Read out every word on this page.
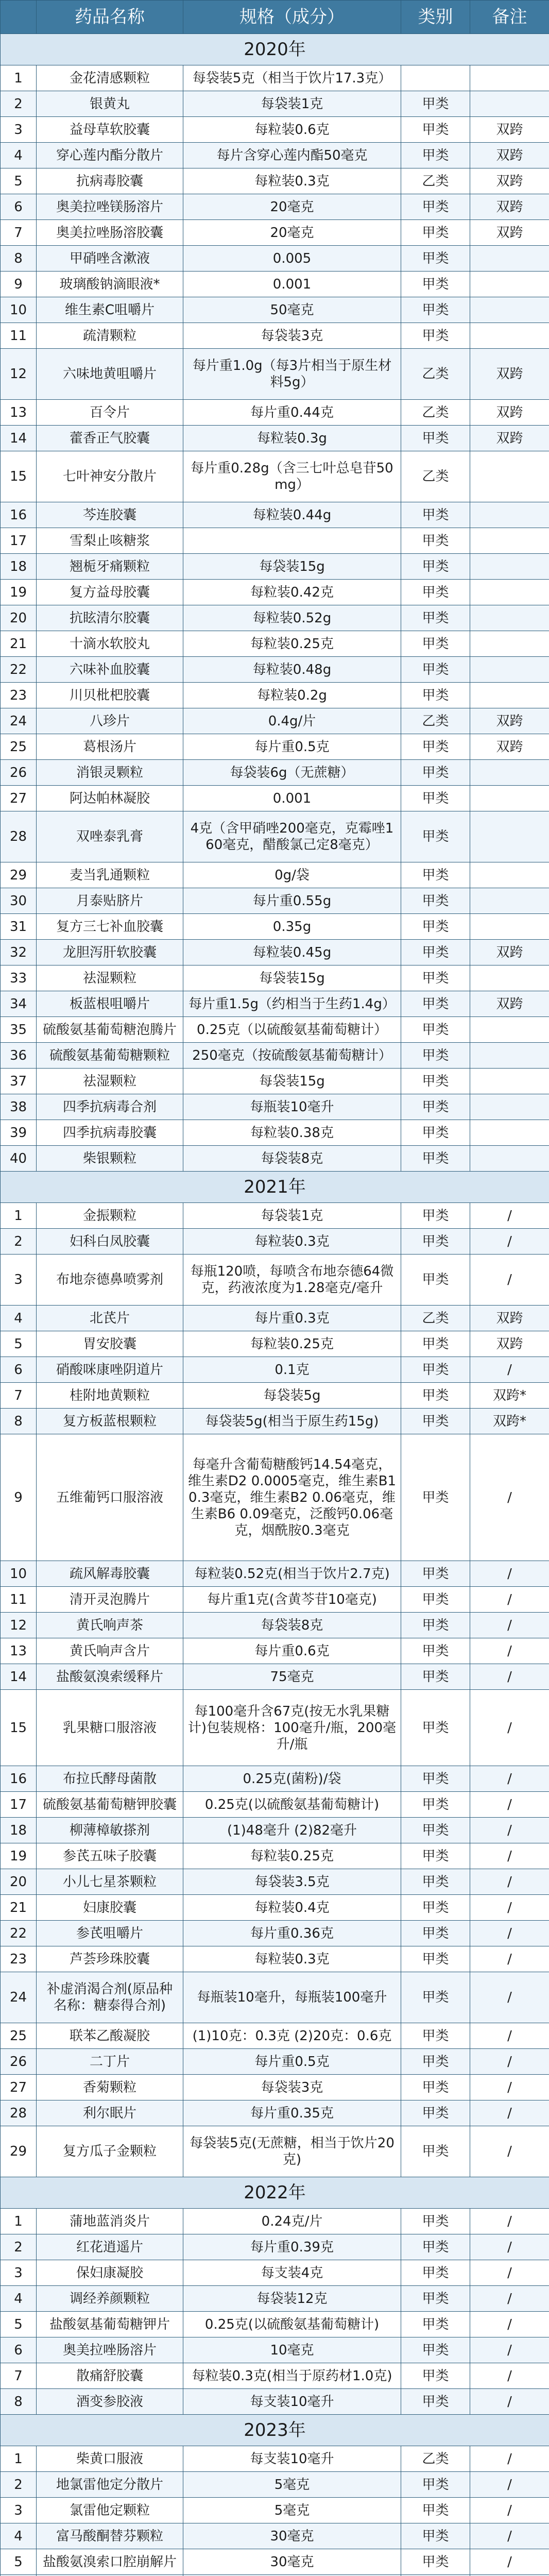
	药品名称	规格（成分）	类别	备注
2020年				
1	金花清感颗粒	每袋装5克（相当于饮片17.3克）		
2	银黄丸	每袋装1克	甲类	
3	益母草软胶囊	每粒装0.6克	甲类	双跨
4	穿心莲内酯分散片	每片含穿心莲内酯50毫克	甲类	双跨
5	抗病毒胶囊	每粒装0.3克	乙类	双跨
6	奥美拉唑镁肠溶片	20毫克	甲类	双跨
7	奥美拉唑肠溶胶囊	20毫克	甲类	双跨
8	甲硝唑含漱液	0.005	甲类	
9	玻璃酸钠滴眼液*	0.001	甲类	
10	维生素C咀嚼片	50毫克	甲类	
11	疏清颗粒	每袋装3克	甲类	
12	六味地黄咀嚼片	每片重1.0g（每3片相当于原生材料5g）	乙类	双跨
13	百令片	每片重0.44克	乙类	双跨
14	藿香正气胶囊	每粒装0.3g	甲类	双跨
15	七叶神安分散片	每片重0.28g（含三七叶总皂苷50mg）	乙类	
16	芩连胶囊	每粒装0.44g	甲类	
17	雪梨止咳糖浆		甲类	
18	翘栀牙痛颗粒	每袋装15g	甲类	
19	复方益母胶囊	每粒装0.42克	甲类	
20	抗眩清尔胶囊	每粒装0.52g	甲类	
21	十滴水软胶丸	每粒装0.25克	甲类	
22	六味补血胶囊	每粒装0.48g	甲类	
23	川贝枇杷胶囊	每粒装0.2g	甲类	
24	八珍片	0.4g/片	乙类	双跨
25	葛根汤片	每片重0.5克	甲类	双跨
26	消银灵颗粒	每袋装6g（无蔗糖）	甲类	
27	阿达帕林凝胶	0.001	甲类	
28	双唑泰乳膏	4克（含甲硝唑200毫克，克霉唑160毫克，醋酸氯己定8毫克）	甲类	
29	麦当乳通颗粒	0g/袋	甲类	
30	月泰贴脐片	每片重0.55g	甲类	
31	复方三七补血胶囊	0.35g	甲类	
32	龙胆泻肝软胶囊	每粒装0.45g	甲类	双跨
33	祛湿颗粒	每袋装15g	甲类	
34	板蓝根咀嚼片	每片重1.5g（约相当于生药1.4g）	甲类	双跨
35	硫酸氨基葡萄糖泡腾片	0.25克（以硫酸氨基葡萄糖计）	甲类	
36	硫酸氨基葡萄糖颗粒	250毫克（按硫酸氨基葡萄糖计）	甲类	
37	祛湿颗粒	每袋装15g	甲类	
38	四季抗病毒合剂	每瓶装10毫升	甲类	
39	四季抗病毒胶囊	每粒装0.38克	甲类	
40	柴银颗粒	每袋装8克	甲类	
2021年				
1	金振颗粒	每袋装1克	甲类	/
2	妇科白凤胶囊	每粒装0.3克	甲类	/
3	布地奈德鼻喷雾剂	每瓶120喷，每喷含布地奈德64微克，药液浓度为1.28毫克/毫升	甲类	/
4	北芪片	每片重0.3克	乙类	双跨
5	胃安胶囊	每粒装0.25克	甲类	双跨
6	硝酸咪康唑阴道片	0.1克	甲类	/
7	桂附地黄颗粒	每袋装5g	甲类	双跨*
8	复方板蓝根颗粒	每袋装5g(相当于原生药15g)	甲类	双跨*
9	五维葡钙口服溶液	每毫升含葡萄糖酸钙14.54毫克，维生素D2 0.0005毫克，维生素B1 0.3毫克，维生素B2 0.06毫克，维生素B6 0.09毫克，泛酸钙0.06毫克，烟酰胺0.3毫克	甲类	/
10	疏风解毒胶囊	每粒装0.52克(相当于饮片2.7克)	甲类	/
11	清开灵泡腾片	每片重1克(含黄芩苷10毫克)	甲类	/
12	黄氏响声茶	每袋装8克	甲类	/
13	黄氏响声含片	每片重0.6克	甲类	/
14	盐酸氨溴索缓释片	75毫克	甲类	/
15	乳果糖口服溶液	每100毫升含67克(按无水乳果糖计)包装规格：100毫升/瓶，200毫升/瓶	甲类	/
16	布拉氏酵母菌散	0.25克(菌粉)/袋	甲类	/
17	硫酸氨基葡萄糖钾胶囊	0.25克(以硫酸氨基葡萄糖计)	甲类	/
18	柳薄樟敏搽剂	(1)48毫升 (2)82毫升	甲类	/
19	参芪五味子胶囊	每粒装0.25克	甲类	/
20	小儿七星茶颗粒	每袋装3.5克	甲类	/
21	妇康胶囊	每粒装0.4克	甲类	/
22	参芪咀嚼片	每片重0.36克	甲类	/
23	芦荟珍珠胶囊	每粒装0.3克	甲类	/
24	补虚消渴合剂(原品种名称：糖泰得合剂)	每瓶装10毫升，每瓶装100毫升	甲类	/
25	联苯乙酸凝胶	(1)10克：0.3克 (2)20克：0.6克	甲类	/
26	二丁片	每片重0.5克	甲类	/
27	香菊颗粒	每袋装3克	甲类	/
28	利尔眠片	每片重0.35克	甲类	/
29	复方瓜子金颗粒	每袋装5克(无蔗糖，相当于饮片20克)	甲类	/
2022年				
1	蒲地蓝消炎片	0.24克/片	甲类	/
2	红花逍遥片	每片重0.39克	甲类	/
3	保妇康凝胶	每支装4克	甲类	/
4	调经养颜颗粒	每袋装12克	甲类	/
5	盐酸氨基葡萄糖钾片	0.25克(以硫酸氨基葡萄糖计)	甲类	/
6	奥美拉唑肠溶片	10毫克	甲类	/
7	散痛舒胶囊	每粒装0.3克(相当于原药材1.0克)	甲类	/
8	酒变参胶液	每支装10毫升	甲类	/
2023年				
1	柴黄口服液	每支装10毫升	乙类	/
2	地氯雷他定分散片	5毫克	甲类	/
3	氯雷他定颗粒	5毫克	甲类	/
4	富马酸酮替芬颗粒	30毫克	甲类	/
5	盐酸氨溴索口腔崩解片	30毫克	甲类	/
